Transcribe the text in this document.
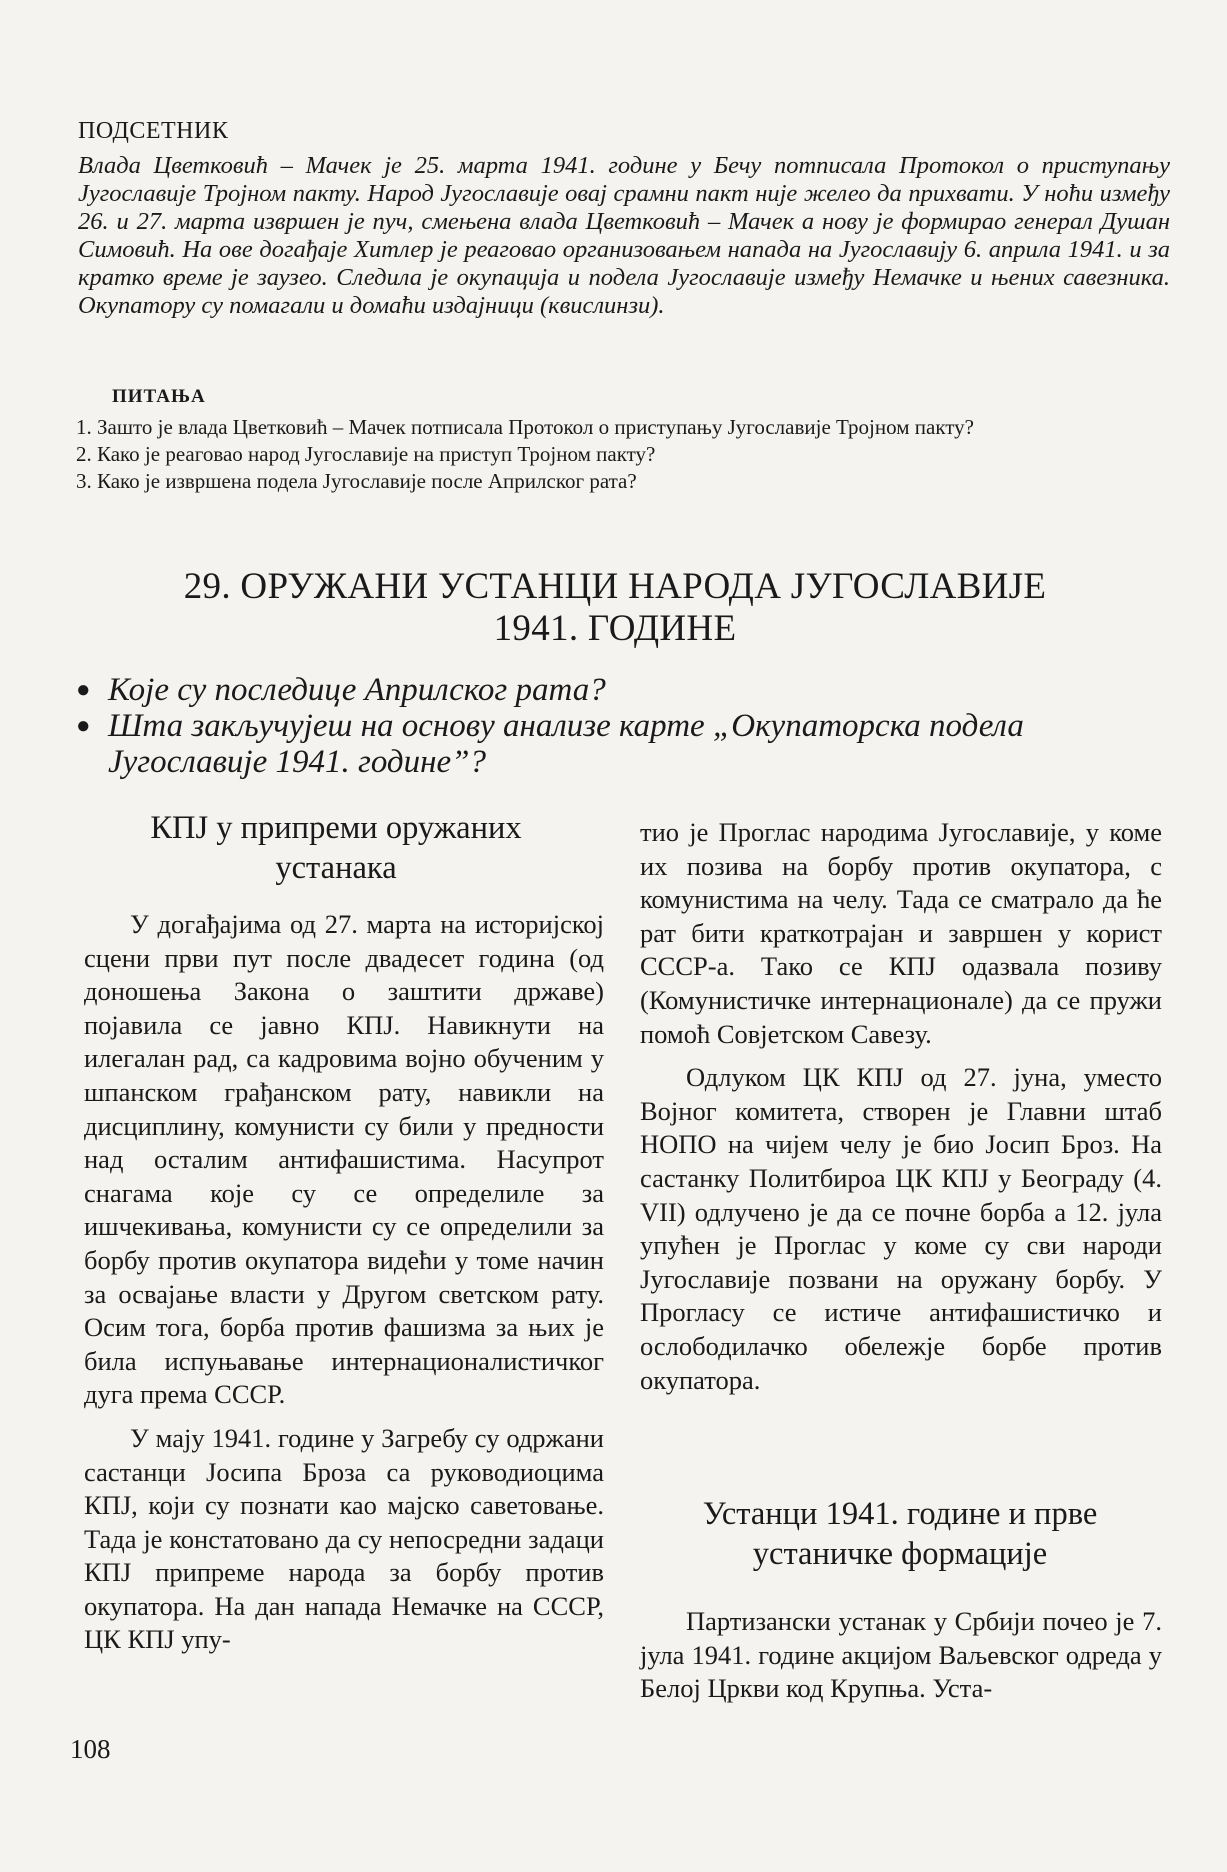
ПОДСЕТНИК
Влада Цветковић – Мачек је 25. марта 1941. године у Бечу потписала Протокол о приступању Југославије Тројном пакту. Народ Југославије овај срамни пакт није желео да прихвати. У ноћи између 26. и 27. марта извршен је пуч, смењена влада Цветковић – Мачек а нову је формирао генерал Душан Симовић. На ове догађаје Хитлер је реаговао организовањем напада на Југославију 6. априла 1941. и за кратко време је заузео. Следила је окупација и подела Југославије између Немачке и њених савезника. Окупатору су помагали и домаћи издајници (квислинзи).
ПИТАЊА
1. Зашто је влада Цветковић – Мачек потписала Протокол о приступању Југославије Тројном пакту?
2. Како је реаговао народ Југославије на приступ Тројном пакту?
3. Како је извршена подела Југославије после Априлског рата?
29. ОРУЖАНИ УСТАНЦИ НАРОДА ЈУГОСЛАВИЈЕ
1941. ГОДИНЕ
● Које су последице Априлског рата?
● Шта закључујеш на основу анализе карте „Окупаторска подела Југославије 1941. године”?
КПЈ у припреми оружаних
устанака

У догађајима од 27. марта на историјској сцени први пут после двадесет година (од доношења Закона о заштити државе) појавила се јавно КПЈ. Навикнути на илегалан рад, са кадровима војно обученим у шпанском грађанском рату, навикли на дисциплину, комунисти су били у предности над осталим антифашистима. Насупрот снагама које су се определиле за ишчекивања, комунисти су се определили за борбу против окупатора видећи у томе начин за освајање власти у Другом светском рату. Осим тога, борба против фашизма за њих је била испуњавање интернационалистичког дуга према СССР.

У мају 1941. године у Загребу су одржани састанци Јосипа Броза са руководиоцима КПЈ, који су познати као мајско саветовање. Тада је констатовано да су непосредни задаци КПЈ припреме народа за борбу против окупатора. На дан напада Немачке на СССР, ЦК КПЈ упу-

тио је Проглас народима Југославије, у коме их позива на борбу против окупатора, с комунистима на челу. Тада се сматрало да ће рат бити краткотрајан и завршен у корист СССР-а. Тако се КПЈ одазвала позиву (Комунистичке интернационале) да се пружи помоћ Совјетском Савезу.

Одлуком ЦК КПЈ од 27. јуна, уместо Војног комитета, створен је Главни штаб НОПО на чијем челу је био Јосип Броз. На састанку Политбироа ЦК КПЈ у Београду (4. VII) одлучено је да се почне борба а 12. јула упућен је Проглас у коме су сви народи Југославије позвани на оружану борбу. У Прогласу се истиче антифашистичко и ослободилачко обележје борбе против окупатора.

Устанци 1941. године и прве
устаничке формације

Партизански устанак у Србији почео је 7. јула 1941. године акцијом Ваљевског одреда у Белој Цркви код Крупња. Уста-

108
